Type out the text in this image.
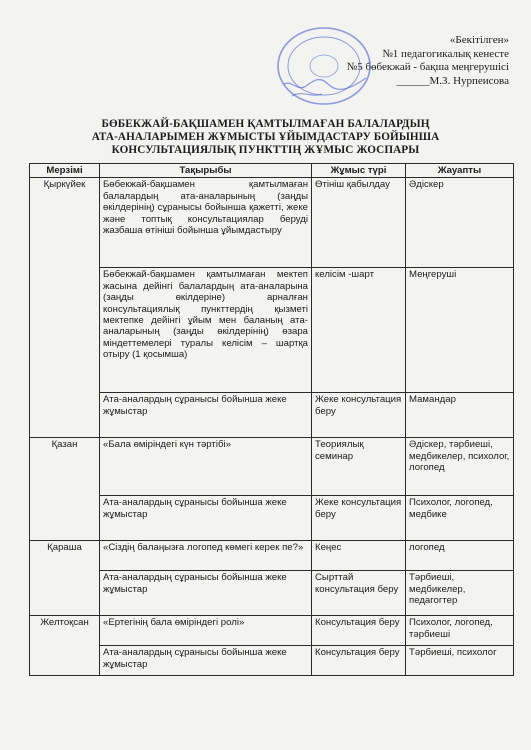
«Бекітілген»
№1 педагогикалық кенесте
№5 бөбекжай - бақша меңгерушісі
______М.З. Нурпеисова
БӨБЕКЖАЙ-БАҚШАМЕН ҚАМТЫЛМАҒАН БАЛАЛАРДЫҢ
АТА-АНАЛАРЫМЕН ЖҰМЫСТЫ ҰЙЫМДАСТАРУ БОЙЫНША
КОНСУЛЬТАЦИЯЛЫҚ ПУНКТТІҢ ЖҰМЫС ЖОСПАРЫ
Мерзімі	Тақырыбы	Жұмыс түрі	Жауапты
Қыркүйек	Бөбекжай-бақшамен қамтылмаған балалардың ата-аналарының (заңды өкілдерінің) сұранысы бойынша қажетті, жеке және топтық консультациялар беруді жазбаша өтініші бойынша ұйымдастыру	Өтініш қабылдау	Әдіскер
	Бөбекжай-бақшамен қамтылмаған мектеп жасына дейінгі балалардың ата-аналарына (заңды өкілдеріне) арналған консультациялық пункттердің қызметі мектепке дейінгі ұйым мен баланың ата-аналарының (заңды өкілдерінің) өзара міндеттемелері туралы келісім – шартқа отыру (1 қосымша)	келісім -шарт	Меңгеруші
	Ата-аналардың сұранысы бойынша жеке жұмыстар	Жеке консультация беру	Мамандар
Қазан	«Бала өміріндегі күн тәртібі»	Теориялық семинар	Әдіскер, тәрбиеші, медбикелер, психолог, логопед
	Ата-аналардың сұранысы бойынша жеке жұмыстар	Жеке консультация беру	Психолог, логопед, медбике
Қараша	«Сіздің балаңызға логопед көмегі керек пе?»	Кеңес	логопед
	Ата-аналардың сұранысы бойынша жеке жұмыстар	Сырттай консультация беру	Тәрбиеші, медбикелер, педагогтер
Желтоқсан	«Ертегінің бала өміріндегі ролі»	Консультация беру	Психолог, логопед, тәрбиеші
	Ата-аналардың сұранысы бойынша жеке жұмыстар	Консультация беру	Тәрбиеші, психолог
